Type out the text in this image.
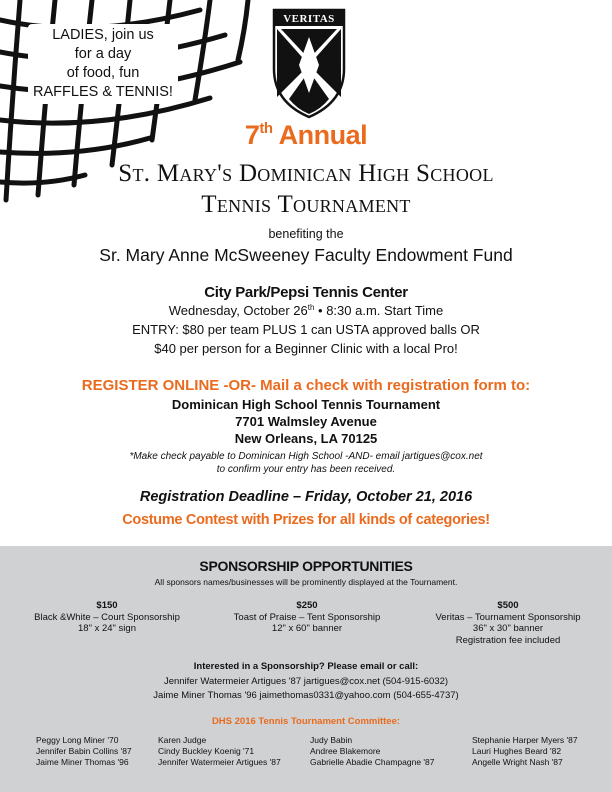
LADIES, join us
for a day
of food, fun
RAFFLES & TENNIS!
VERITAS
7th Annual
St. Mary's Dominican High School
Tennis Tournament
benefiting the
Sr. Mary Anne McSweeney Faculty Endowment Fund
City Park/Pepsi Tennis Center
Wednesday, October 26th • 8:30 a.m. Start Time
ENTRY: $80 per team PLUS 1 can USTA approved balls OR
$40 per person for a Beginner Clinic with a local Pro!
REGISTER ONLINE -OR- Mail a check with registration form to:
Dominican High School Tennis Tournament
7701 Walmsley Avenue
New Orleans, LA 70125
*Make check payable to Dominican High School -AND- email jartigues@cox.net
to confirm your entry has been received.
Registration Deadline – Friday, October 21, 2016
Costume Contest with Prizes for all kinds of categories!
SPONSORSHIP OPPORTUNITIES
All sponsors names/businesses will be prominently displayed at the Tournament.
$150
Black &White – Court Sponsorship
18" x 24" sign
$250
Toast of Praise – Tent Sponsorship
12" x 60" banner
$500
Veritas – Tournament Sponsorship
36" x 30" banner
Registration fee included
Interested in a Sponsorship? Please email or call:
Jennifer Watermeier Artigues '87 jartigues@cox.net (504-915-6032)
Jaime Miner Thomas '96 jaimethomas0331@yahoo.com (504-655-4737)
DHS 2016 Tennis Tournament Committee:
Peggy Long Miner '70
Jennifer Babin Collins '87
Jaime Miner Thomas '96
Karen Judge
Cindy Buckley Koenig '71
Jennifer Watermeier Artigues '87
Judy Babin
Andree Blakemore
Gabrielle Abadie Champagne '87
Stephanie Harper Myers '87
Lauri Hughes Beard '82
Angelle Wright Nash '87
